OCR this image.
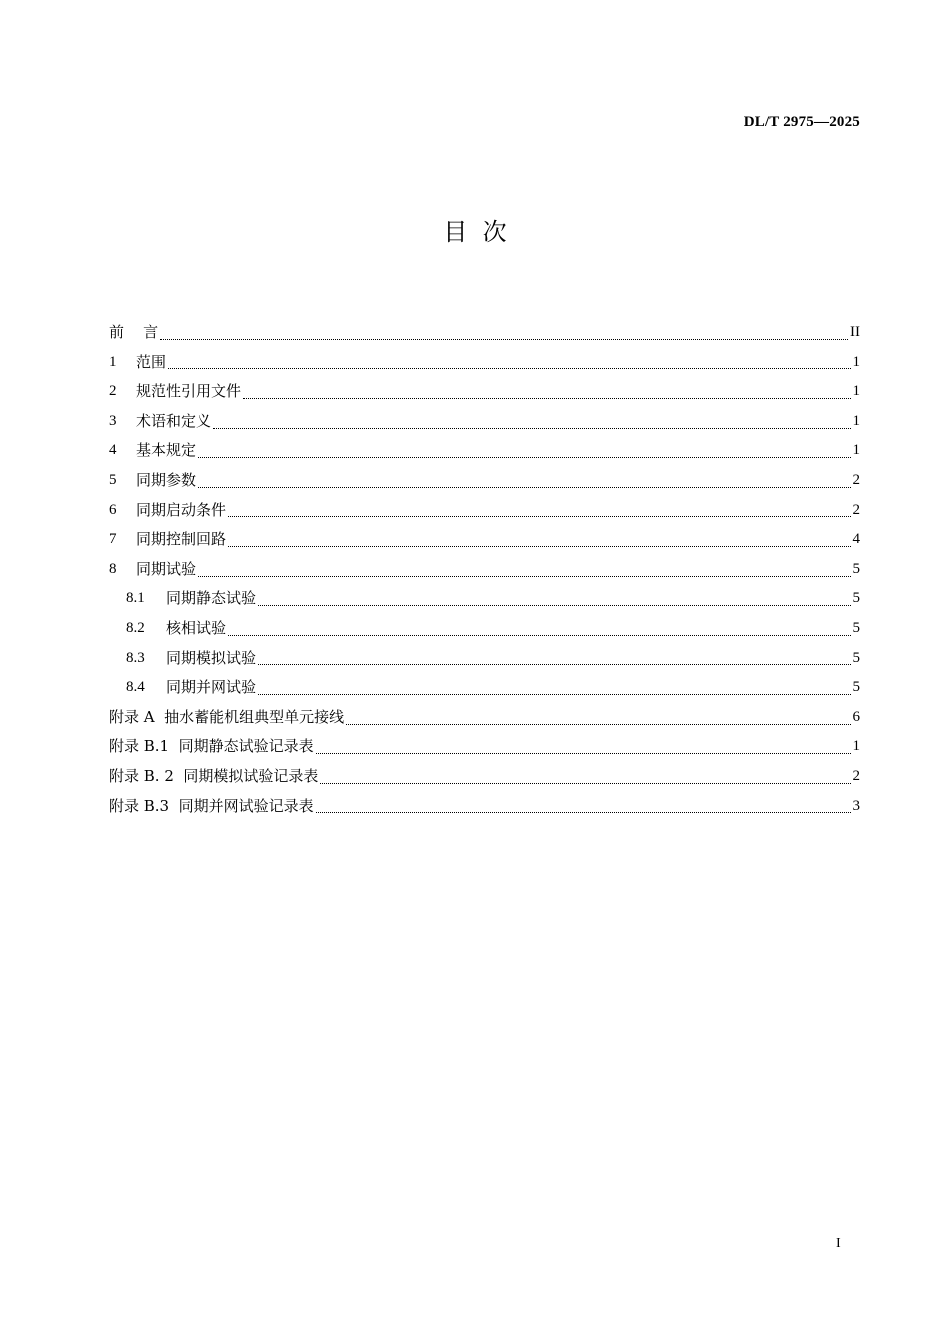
DL/T 2975—2025
目  次
前    言	II
1	范围	1
2	规范性引用文件	1
3	术语和定义	1
4	基本规定	1
5	同期参数	2
6	同期启动条件	2
7	同期控制回路	4
8	同期试验	5
8.1	同期静态试验	5
8.2	核相试验	5
8.3	同期模拟试验	5
8.4	同期并网试验	5
附录 A  抽水蓄能机组典型单元接线	6
附录 B.1  同期静态试验记录表	1
附录 B. 2  同期模拟试验记录表	2
附录 B.3  同期并网试验记录表	3
I
